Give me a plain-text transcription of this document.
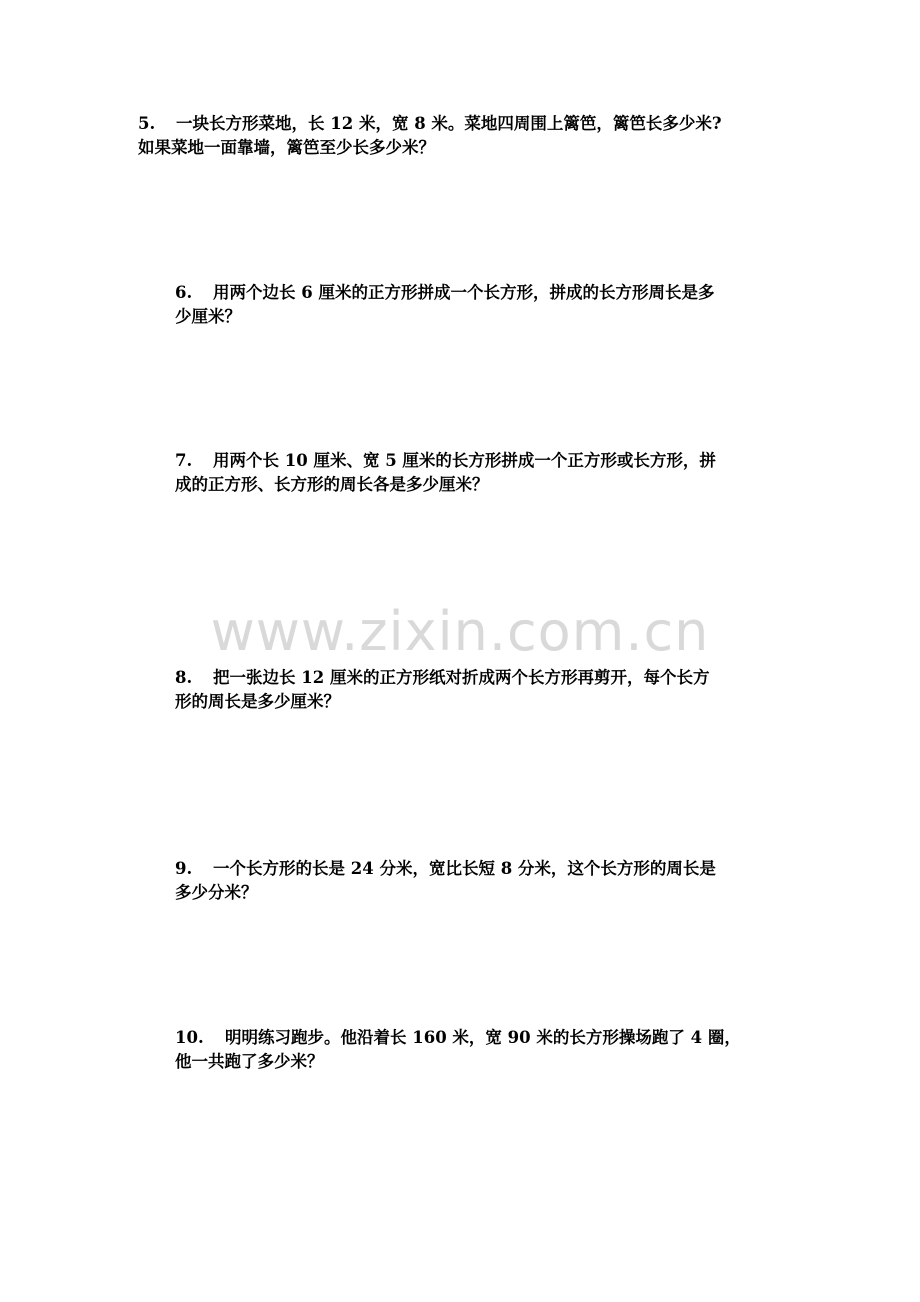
www.zixin.com.cn
5. 一块长方形菜地，长 12 米，宽 8 米。菜地四周围上篱笆，篱笆长多少米?
如果菜地一面靠墙，篱笆至少长多少米？
6. 用两个边长 6 厘米的正方形拼成一个长方形，拼成的长方形周长是多
少厘米？
7. 用两个长 10 厘米、宽 5 厘米的长方形拼成一个正方形或长方形，拼
成的正方形、长方形的周长各是多少厘米？
8. 把一张边长 12 厘米的正方形纸对折成两个长方形再剪开，每个长方
形的周长是多少厘米？
9. 一个长方形的长是 24 分米，宽比长短 8 分米，这个长方形的周长是
多少分米？
10. 明明练习跑步。他沿着长 160 米，宽 90 米的长方形操场跑了 4 圈，
他一共跑了多少米？
